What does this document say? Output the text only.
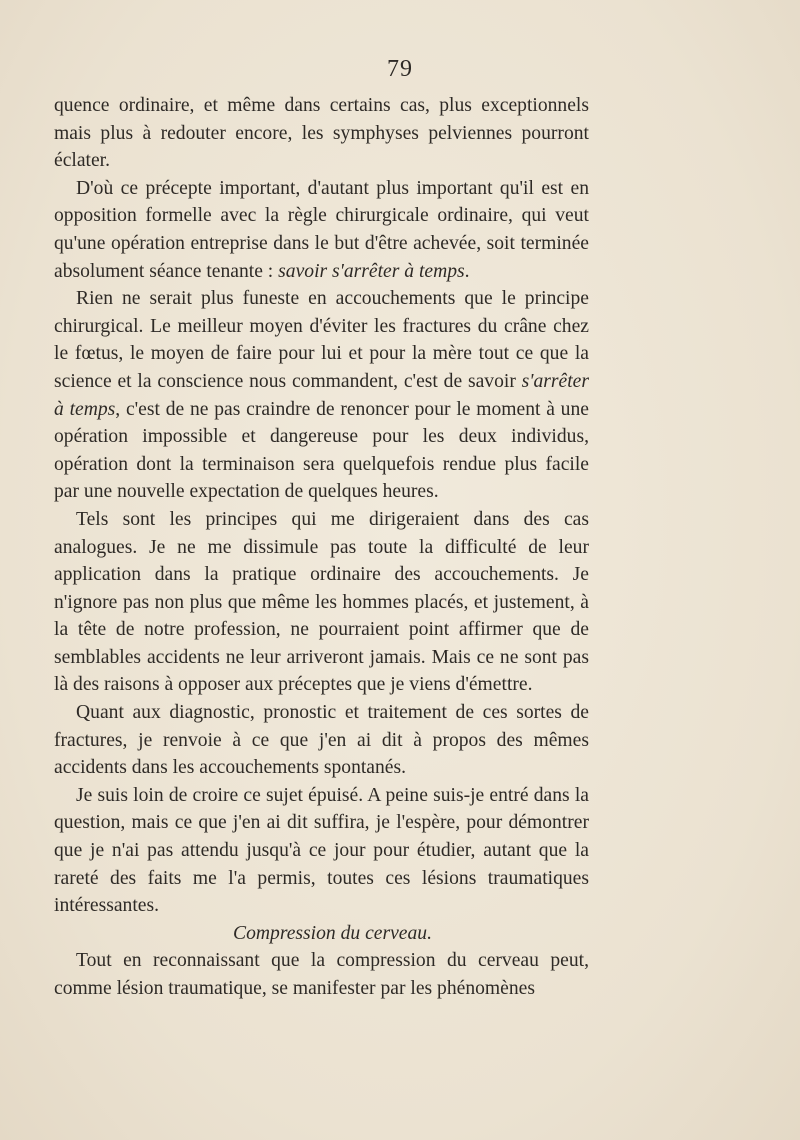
79

quence ordinaire, et même dans certains cas, plus exceptionnels mais plus à redouter encore, les symphyses pelviennes pourront éclater.

D'où ce précepte important, d'autant plus important qu'il est en opposition formelle avec la règle chirurgicale ordinaire, qui veut qu'une opération entreprise dans le but d'être achevée, soit terminée absolument séance tenante : savoir s'arrêter à temps.

Rien ne serait plus funeste en accouchements que le principe chirurgical. Le meilleur moyen d'éviter les fractures du crâne chez le fœtus, le moyen de faire pour lui et pour la mère tout ce que la science et la conscience nous commandent, c'est de savoir s'arrêter à temps, c'est de ne pas craindre de renoncer pour le moment à une opération impossible et dangereuse pour les deux individus, opération dont la terminaison sera quelquefois rendue plus facile par une nouvelle expectation de quelques heures.

Tels sont les principes qui me dirigeraient dans des cas analogues. Je ne me dissimule pas toute la difficulté de leur application dans la pratique ordinaire des accouchements. Je n'ignore pas non plus que même les hommes placés, et justement, à la tête de notre profession, ne pourraient point affirmer que de semblables accidents ne leur arriveront jamais. Mais ce ne sont pas là des raisons à opposer aux préceptes que je viens d'émettre.

Quant aux diagnostic, pronostic et traitement de ces sortes de fractures, je renvoie à ce que j'en ai dit à propos des mêmes accidents dans les accouchements spontanés.

Je suis loin de croire ce sujet épuisé. A peine suis-je entré dans la question, mais ce que j'en ai dit suffira, je l'espère, pour démontrer que je n'ai pas attendu jusqu'à ce jour pour étudier, autant que la rareté des faits me l'a permis, toutes ces lésions traumatiques intéressantes.

Compression du cerveau.

Tout en reconnaissant que la compression du cerveau peut, comme lésion traumatique, se manifester par les phénomènes
